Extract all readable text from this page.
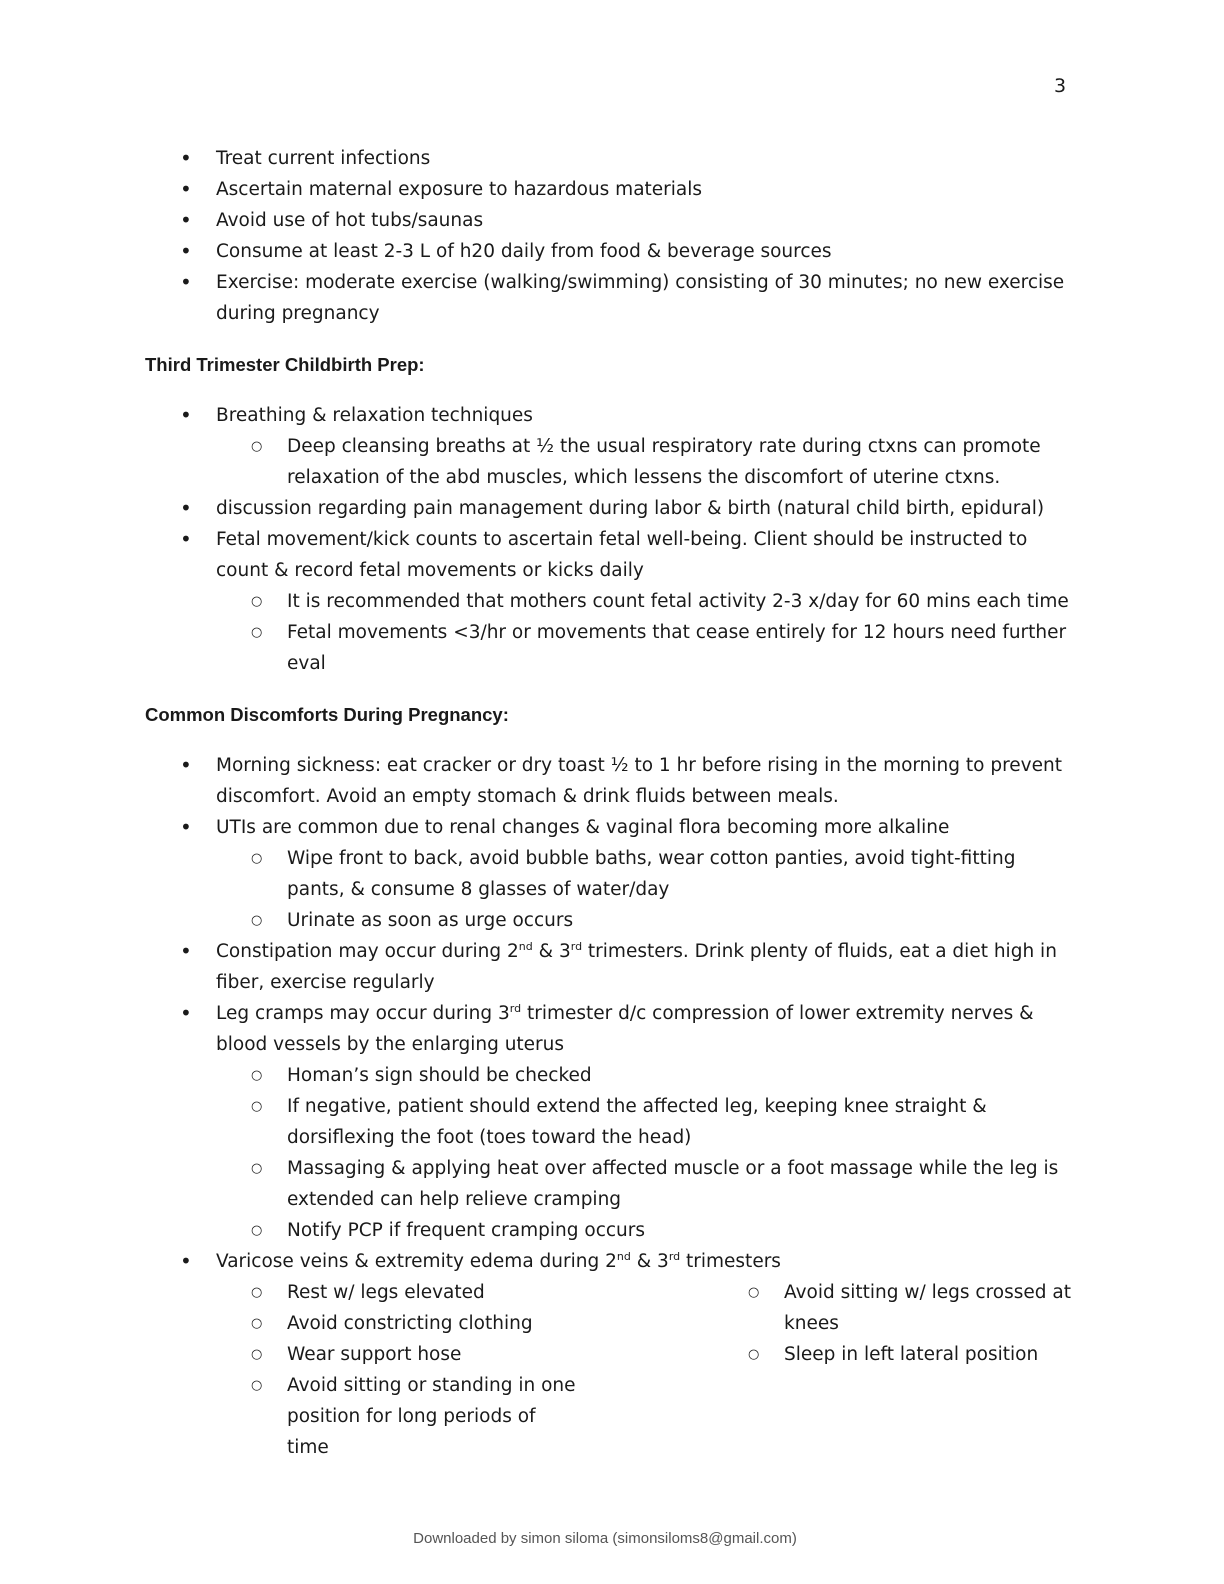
3
• Treat current infections
• Ascertain maternal exposure to hazardous materials
• Avoid use of hot tubs/saunas
• Consume at least 2-3 L of h20 daily from food & beverage sources
• Exercise: moderate exercise (walking/swimming) consisting of 30 minutes; no new exercise during pregnancy
Third Trimester Childbirth Prep:
• Breathing & relaxation techniques
○ Deep cleansing breaths at ½ the usual respiratory rate during ctxns can promote relaxation of the abd muscles, which lessens the discomfort of uterine ctxns.
• discussion regarding pain management during labor & birth (natural child birth, epidural)
• Fetal movement/kick counts to ascertain fetal well-being. Client should be instructed to count & record fetal movements or kicks daily
○ It is recommended that mothers count fetal activity 2-3 x/day for 60 mins each time
○ Fetal movements <3/hr or movements that cease entirely for 12 hours need further eval
Common Discomforts During Pregnancy:
• Morning sickness: eat cracker or dry toast ½ to 1 hr before rising in the morning to prevent discomfort. Avoid an empty stomach & drink fluids between meals.
• UTIs are common due to renal changes & vaginal flora becoming more alkaline
○ Wipe front to back, avoid bubble baths, wear cotton panties, avoid tight-fitting pants, & consume 8 glasses of water/day
○ Urinate as soon as urge occurs
• Constipation may occur during 2nd & 3rd trimesters. Drink plenty of fluids, eat a diet high in fiber, exercise regularly
• Leg cramps may occur during 3rd trimester d/c compression of lower extremity nerves & blood vessels by the enlarging uterus
○ Homan’s sign should be checked
○ If negative, patient should extend the affected leg, keeping knee straight & dorsiflexing the foot (toes toward the head)
○ Massaging & applying heat over affected muscle or a foot massage while the leg is extended can help relieve cramping
○ Notify PCP if frequent cramping occurs
• Varicose veins & extremity edema during 2nd & 3rd trimesters
○ Rest w/ legs elevated
○ Avoid constricting clothing
○ Wear support hose
○ Avoid sitting or standing in one position for long periods of time
○ Avoid sitting w/ legs crossed at knees
○ Sleep in left lateral position
Downloaded by simon siloma (simonsiloms8@gmail.com)
